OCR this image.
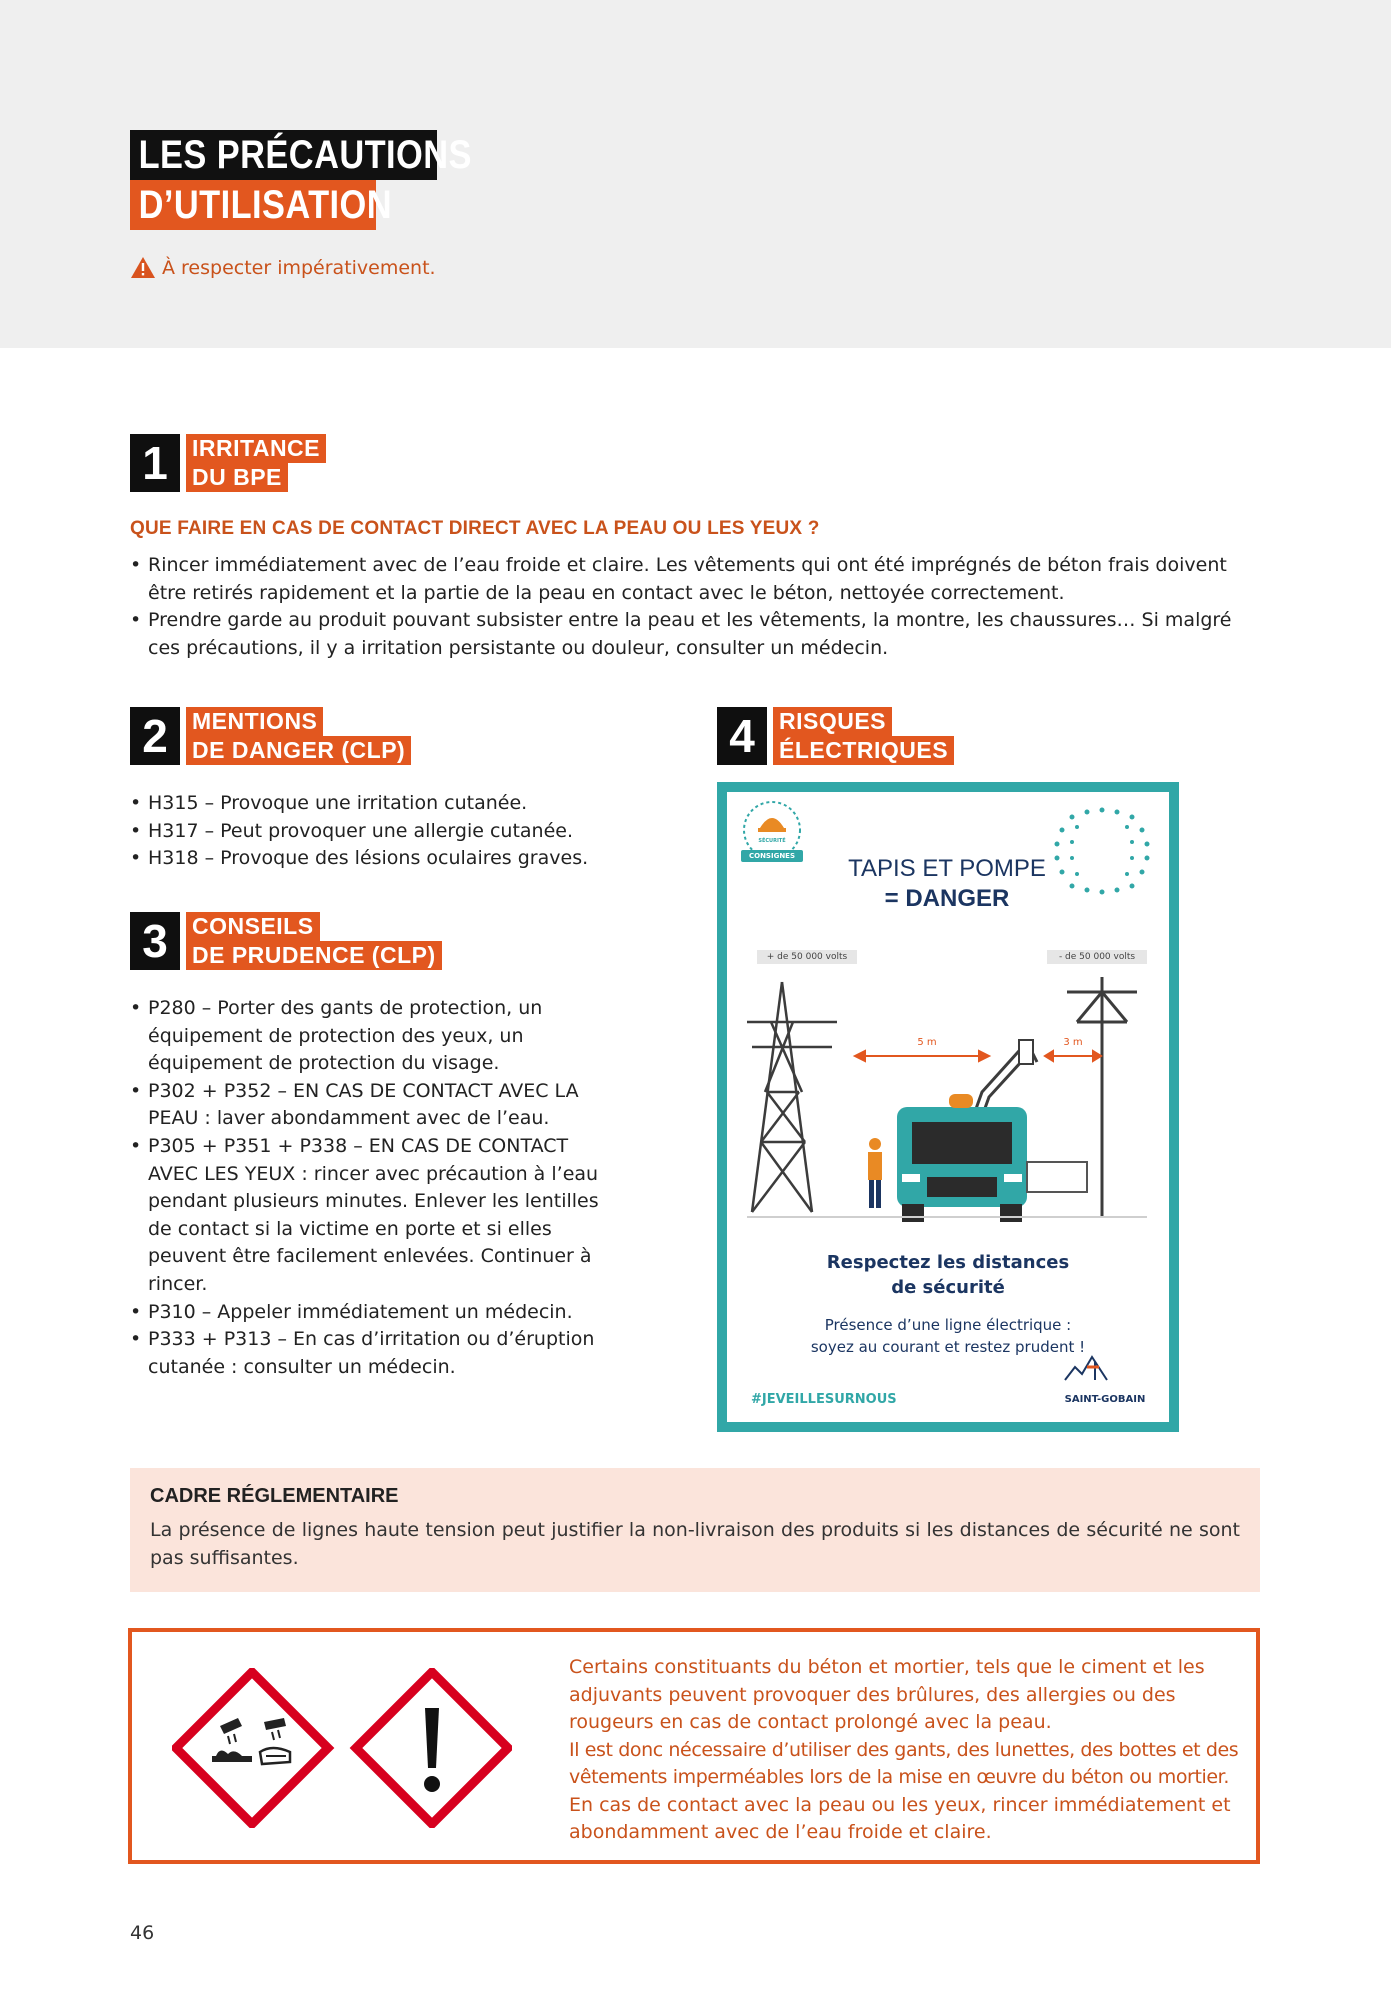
LES PRÉCAUTIONS
D’UTILISATION
À respecter impérativement.
1	IRRITANCE
DU BPE
QUE FAIRE EN CAS DE CONTACT DIRECT AVEC LA PEAU OU LES YEUX ?
• Rincer immédiatement avec de l’eau froide et claire. Les vêtements qui ont été imprégnés de béton frais doivent être retirés rapidement et la partie de la peau en contact avec le béton, nettoyée correctement.
• Prendre garde au produit pouvant subsister entre la peau et les vêtements, la montre, les chaussures… Si malgré ces précautions, il y a irritation persistante ou douleur, consulter un médecin.
2	MENTIONS
DE DANGER (CLP)
• H315 – Provoque une irritation cutanée.
• H317 – Peut provoquer une allergie cutanée.
• H318 – Provoque des lésions oculaires graves.
3	CONSEILS
DE PRUDENCE (CLP)
• P280 – Porter des gants de protection, un équipement de protection des yeux, un équipement de protection du visage.
• P302 + P352 – EN CAS DE CONTACT AVEC LA PEAU : laver abondamment avec de l’eau.
• P305 + P351 + P338 – EN CAS DE CONTACT AVEC LES YEUX : rincer avec précaution à l’eau pendant plusieurs minutes. Enlever les lentilles de contact si la victime en porte et si elles peuvent être facilement enlevées. Continuer à rincer.
• P310 – Appeler immédiatement un médecin.
• P333 + P313 – En cas d’irritation ou d’éruption cutanée : consulter un médecin.
4	RISQUES
ÉLECTRIQUES
CONSIGNES
SÉCURITÉ
TAPIS ET POMPE
= DANGER
+ de 50 000 volts	- de 50 000 volts
5 m	3 m
Respectez les distances
de sécurité
Présence d’une ligne électrique :
soyez au courant et restez prudent !
#JEVEILLESURNOUS	SAINT-GOBAIN
CADRE RÉGLEMENTAIRE
La présence de lignes haute tension peut justifier la non-livraison des produits si les distances de sécurité ne sont pas suffisantes.
Certains constituants du béton et mortier, tels que le ciment et les adjuvants peuvent provoquer des brûlures, des allergies ou des rougeurs en cas de contact prolongé avec la peau.
Il est donc nécessaire d’utiliser des gants, des lunettes, des bottes et des vêtements imperméables lors de la mise en œuvre du béton ou mortier.
En cas de contact avec la peau ou les yeux, rincer immédiatement et abondamment avec de l’eau froide et claire.
46
